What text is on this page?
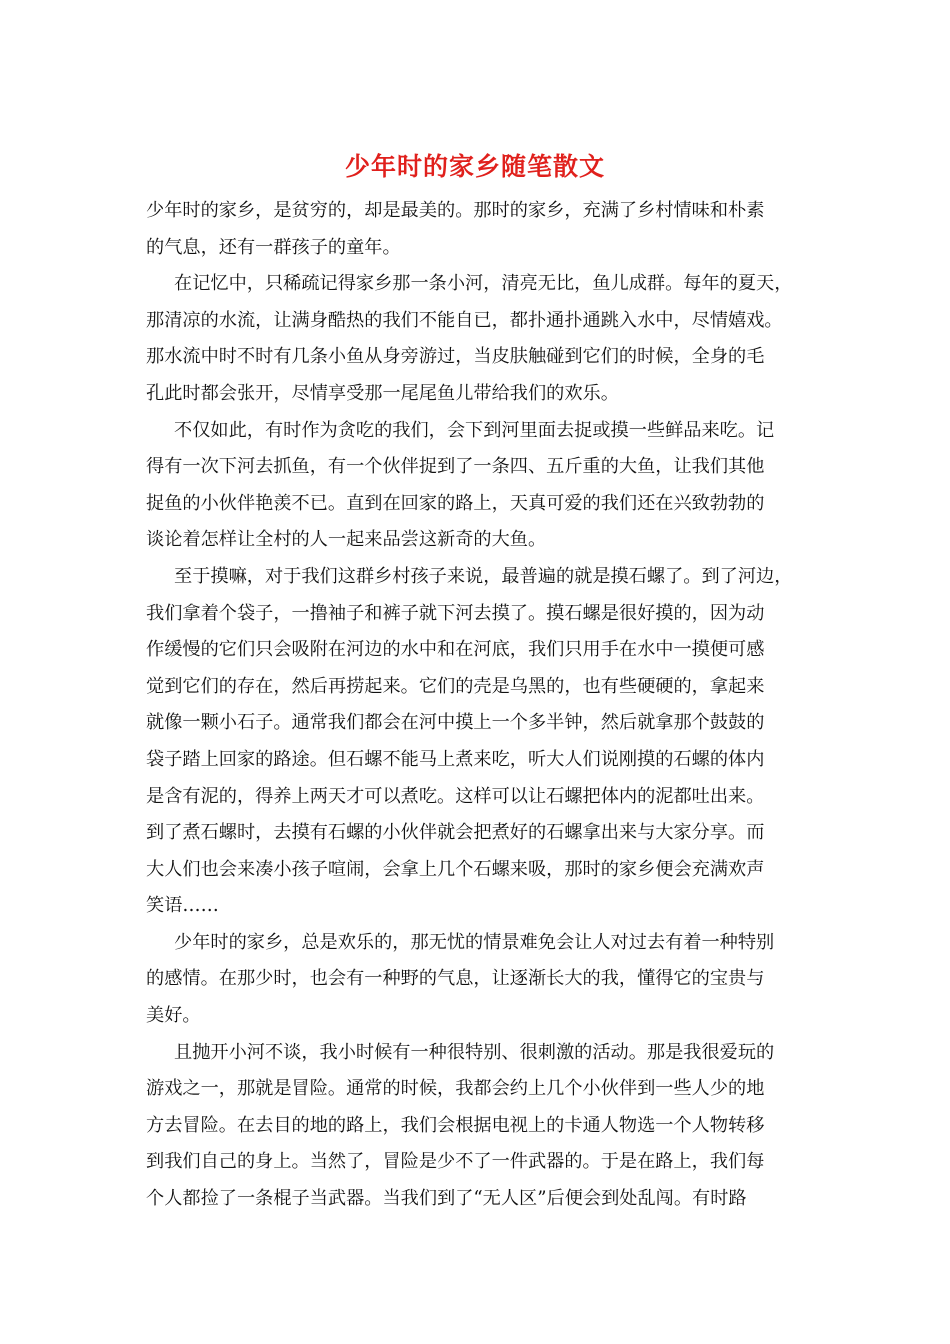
少年时的家乡随笔散文
少年时的家乡，是贫穷的，却是最美的。那时的家乡，充满了乡村情味和朴素
的气息，还有一群孩子的童年。
在记忆中，只稀疏记得家乡那一条小河，清亮无比，鱼儿成群。每年的夏天，
那清凉的水流，让满身酷热的我们不能自已，都扑通扑通跳入水中，尽情嬉戏。
那水流中时不时有几条小鱼从身旁游过，当皮肤触碰到它们的时候，全身的毛
孔此时都会张开，尽情享受那一尾尾鱼儿带给我们的欢乐。
不仅如此，有时作为贪吃的我们，会下到河里面去捉或摸一些鲜品来吃。记
得有一次下河去抓鱼，有一个伙伴捉到了一条四、五斤重的大鱼，让我们其他
捉鱼的小伙伴艳羡不已。直到在回家的路上，天真可爱的我们还在兴致勃勃的
谈论着怎样让全村的人一起来品尝这新奇的大鱼。
至于摸嘛，对于我们这群乡村孩子来说，最普遍的就是摸石螺了。到了河边，
我们拿着个袋子，一撸袖子和裤子就下河去摸了。摸石螺是很好摸的，因为动
作缓慢的它们只会吸附在河边的水中和在河底，我们只用手在水中一摸便可感
觉到它们的存在，然后再捞起来。它们的壳是乌黑的，也有些硬硬的，拿起来
就像一颗小石子。通常我们都会在河中摸上一个多半钟，然后就拿那个鼓鼓的
袋子踏上回家的路途。但石螺不能马上煮来吃，听大人们说刚摸的石螺的体内
是含有泥的，得养上两天才可以煮吃。这样可以让石螺把体内的泥都吐出来。
到了煮石螺时，去摸有石螺的小伙伴就会把煮好的石螺拿出来与大家分享。而
大人们也会来凑小孩子喧闹，会拿上几个石螺来吸，那时的家乡便会充满欢声
笑语……
少年时的家乡，总是欢乐的，那无忧的情景难免会让人对过去有着一种特别
的感情。在那少时，也会有一种野的气息，让逐渐长大的我，懂得它的宝贵与
美好。
且抛开小河不谈，我小时候有一种很特别、很刺激的活动。那是我很爱玩的
游戏之一，那就是冒险。通常的时候，我都会约上几个小伙伴到一些人少的地
方去冒险。在去目的地的路上，我们会根据电视上的卡通人物选一个人物转移
到我们自己的身上。当然了，冒险是少不了一件武器的。于是在路上，我们每
个人都捡了一条棍子当武器。当我们到了“无人区”后便会到处乱闯。有时路
